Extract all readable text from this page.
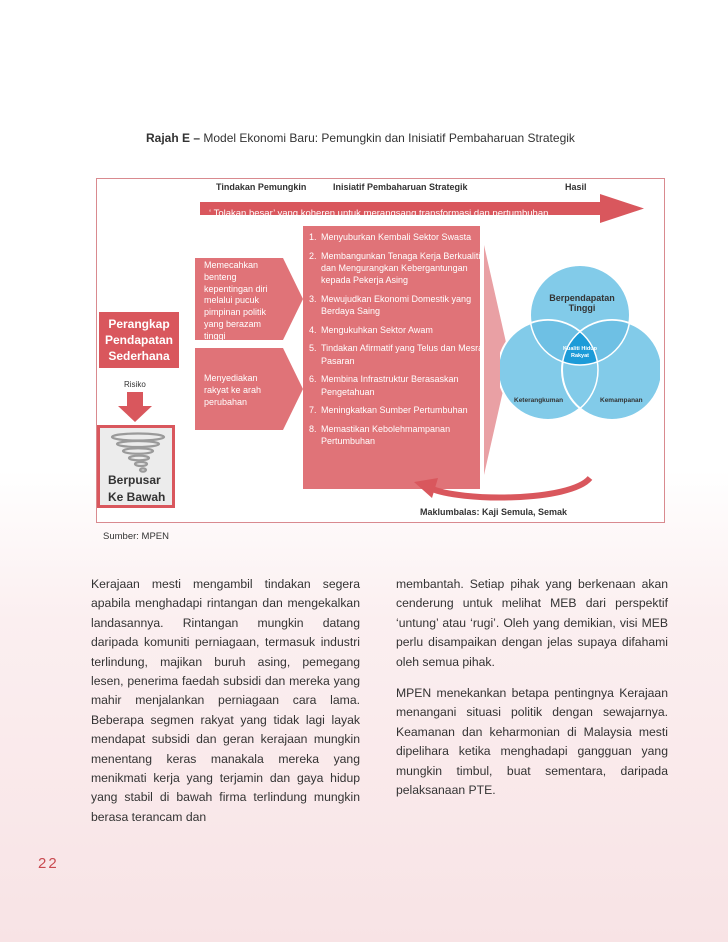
Rajah E – Model Ekonomi Baru: Pemungkin dan Inisiatif Pembaharuan Strategik
Tindakan Pemungkin	Inisiatif Pembaharuan Strategik	Hasil
‘ Tolakan besar’ yang koheren untuk merangsang transformasi dan pertumbuhan
Perangkap
Pendapatan
Sederhana
Risiko
Berpusar
Ke Bawah
Memecahkan
benteng
kepentingan diri
melalui pucuk
pimpinan politik
yang berazam
tinggi
Menyediakan
rakyat ke arah
perubahan
1. Menyuburkan Kembali Sektor Swasta
2. Membangunkan Tenaga Kerja Berkualiti dan Mengurangkan Kebergantungan kepada Pekerja Asing
3. Mewujudkan Ekonomi Domestik yang Berdaya Saing
4. Mengukuhkan Sektor Awam
5. Tindakan Afirmatif yang Telus dan Mesra Pasaran
6. Membina Infrastruktur Berasaskan Pengetahuan
7. Meningkatkan Sumber Pertumbuhan
8. Memastikan Kebolehmampanan Pertumbuhan
Berpendapatan
Tinggi
Keterangkuman	Kemampanan
Kualiti Hidup
Rakyat
Maklumbalas: Kaji Semula, Semak
Sumber: MPEN

Kerajaan mesti mengambil tindakan segera apabila menghadapi rintangan dan mengekalkan landasannya. Rintangan mungkin datang daripada komuniti perniagaan, termasuk industri terlindung, majikan buruh asing, pemegang lesen, penerima faedah subsidi dan mereka yang mahir menjalankan perniagaan cara lama. Beberapa segmen rakyat yang tidak lagi layak mendapat subsidi dan geran kerajaan mungkin menentang keras manakala mereka yang menikmati kerja yang terjamin dan gaya hidup yang stabil di bawah firma terlindung mungkin berasa terancam dan

membantah. Setiap pihak yang berkenaan akan cenderung untuk melihat MEB dari perspektif ‘untung’ atau ‘rugi’. Oleh yang demikian, visi MEB perlu disampaikan dengan jelas supaya difahami oleh semua pihak.

MPEN menekankan betapa pentingnya Kerajaan menangani situasi politik dengan sewajarnya. Keamanan dan keharmonian di Malaysia mesti dipelihara ketika menghadapi gangguan yang mungkin timbul, buat sementara, daripada pelaksanaan PTE.

22
